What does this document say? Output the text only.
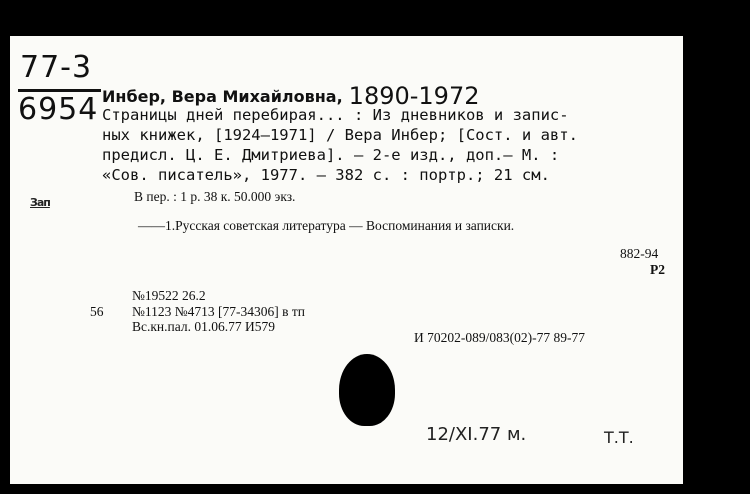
77-3
6954 Инбер, Вера Михайловна, 1890-1972
Страницы дней перебирая... : Из дневников и запис-
ных книжек, [1924—1971] / Вера Инбер; [Сост. и авт.
предисл. Ц. Е. Дмитриева]. — 2-е изд., доп.— М. :
«Сов. писатель», 1977. — 382 с. : портр.; 21 см.
Зап	В пер. : 1 р. 38 к. 50.000 экз.
——1.Русская советская литература — Воспоминания и записки.
882-94
Р2
№19522 26.2
56 №1123 №4713 [77-34306] в тп
Вс.кн.пал. 01.06.77 И579
И 70202-089/083(02)-77 89-77
12/XI.77 м.	Т.Т.
